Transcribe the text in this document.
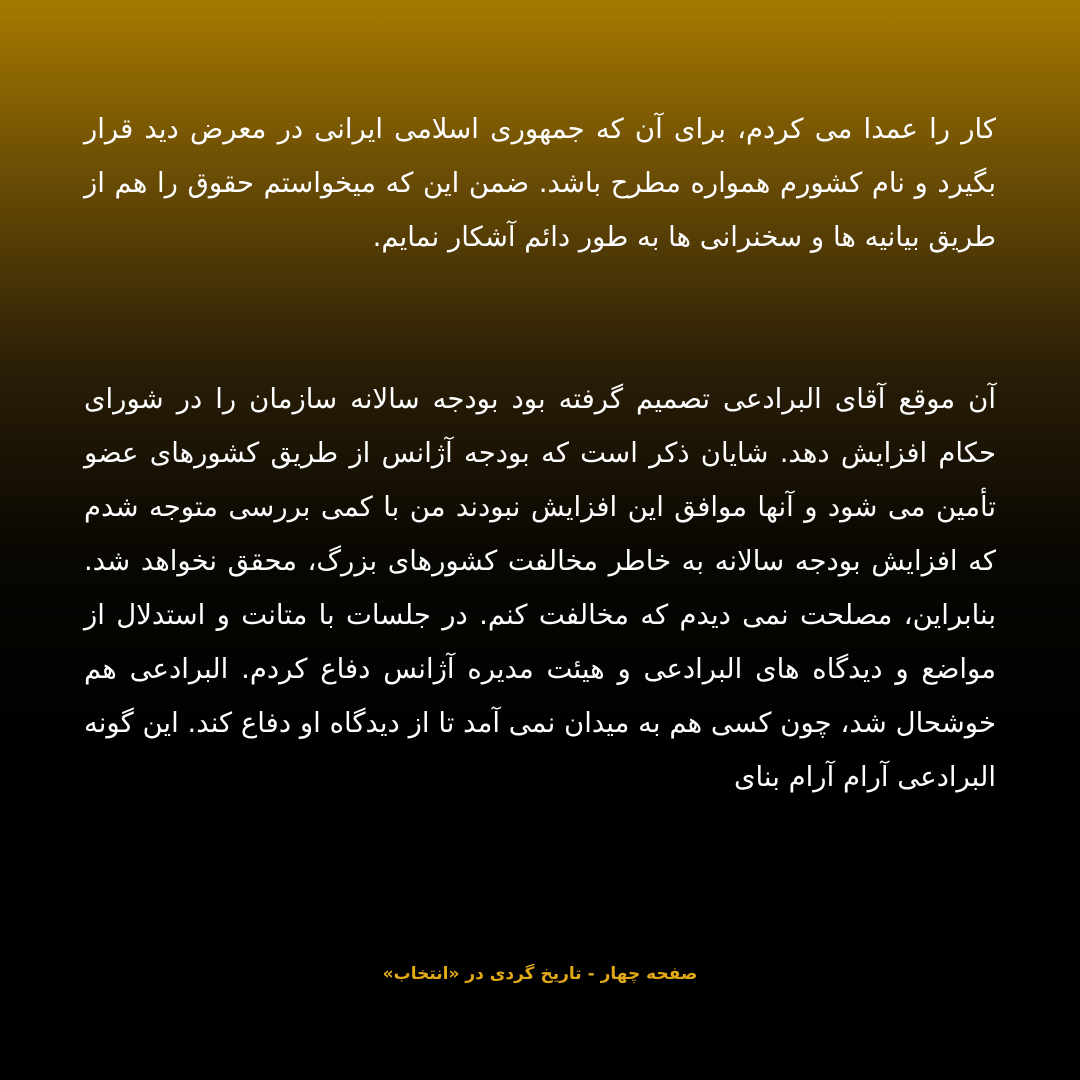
کار را عمدا می کردم، برای آن که جمهوری اسلامی ایرانی در معرض دید قرار بگیرد و نام کشورم همواره مطرح باشد. ضمن این که میخواستم حقوق را هم از طریق بیانیه ها و سخنرانی ها به طور دائم آشکار نمایم.

آن موقع آقای البرادعی تصمیم گرفته بود بودجه سالانه سازمان را در شورای حکام افزایش دهد. شایان ذکر است که بودجه آژانس از طریق کشورهای عضو تأمین می شود و آنها موافق این افزایش نبودند من با کمی بررسی متوجه شدم که افزایش بودجه سالانه به خاطر مخالفت کشورهای بزرگ، محقق نخواهد شد. بنابراین، مصلحت نمی دیدم که مخالفت کنم. در جلسات با متانت و استدلال از مواضع و دیدگاه های البرادعی و هیئت مدیره آژانس دفاع کردم. البرادعی هم خوشحال شد، چون کسی هم به میدان نمی آمد تا از دیدگاه او دفاع کند. این گونه البرادعی آرام آرام بنای

صفحه چهار - تاریخ گردی در «انتخاب»
